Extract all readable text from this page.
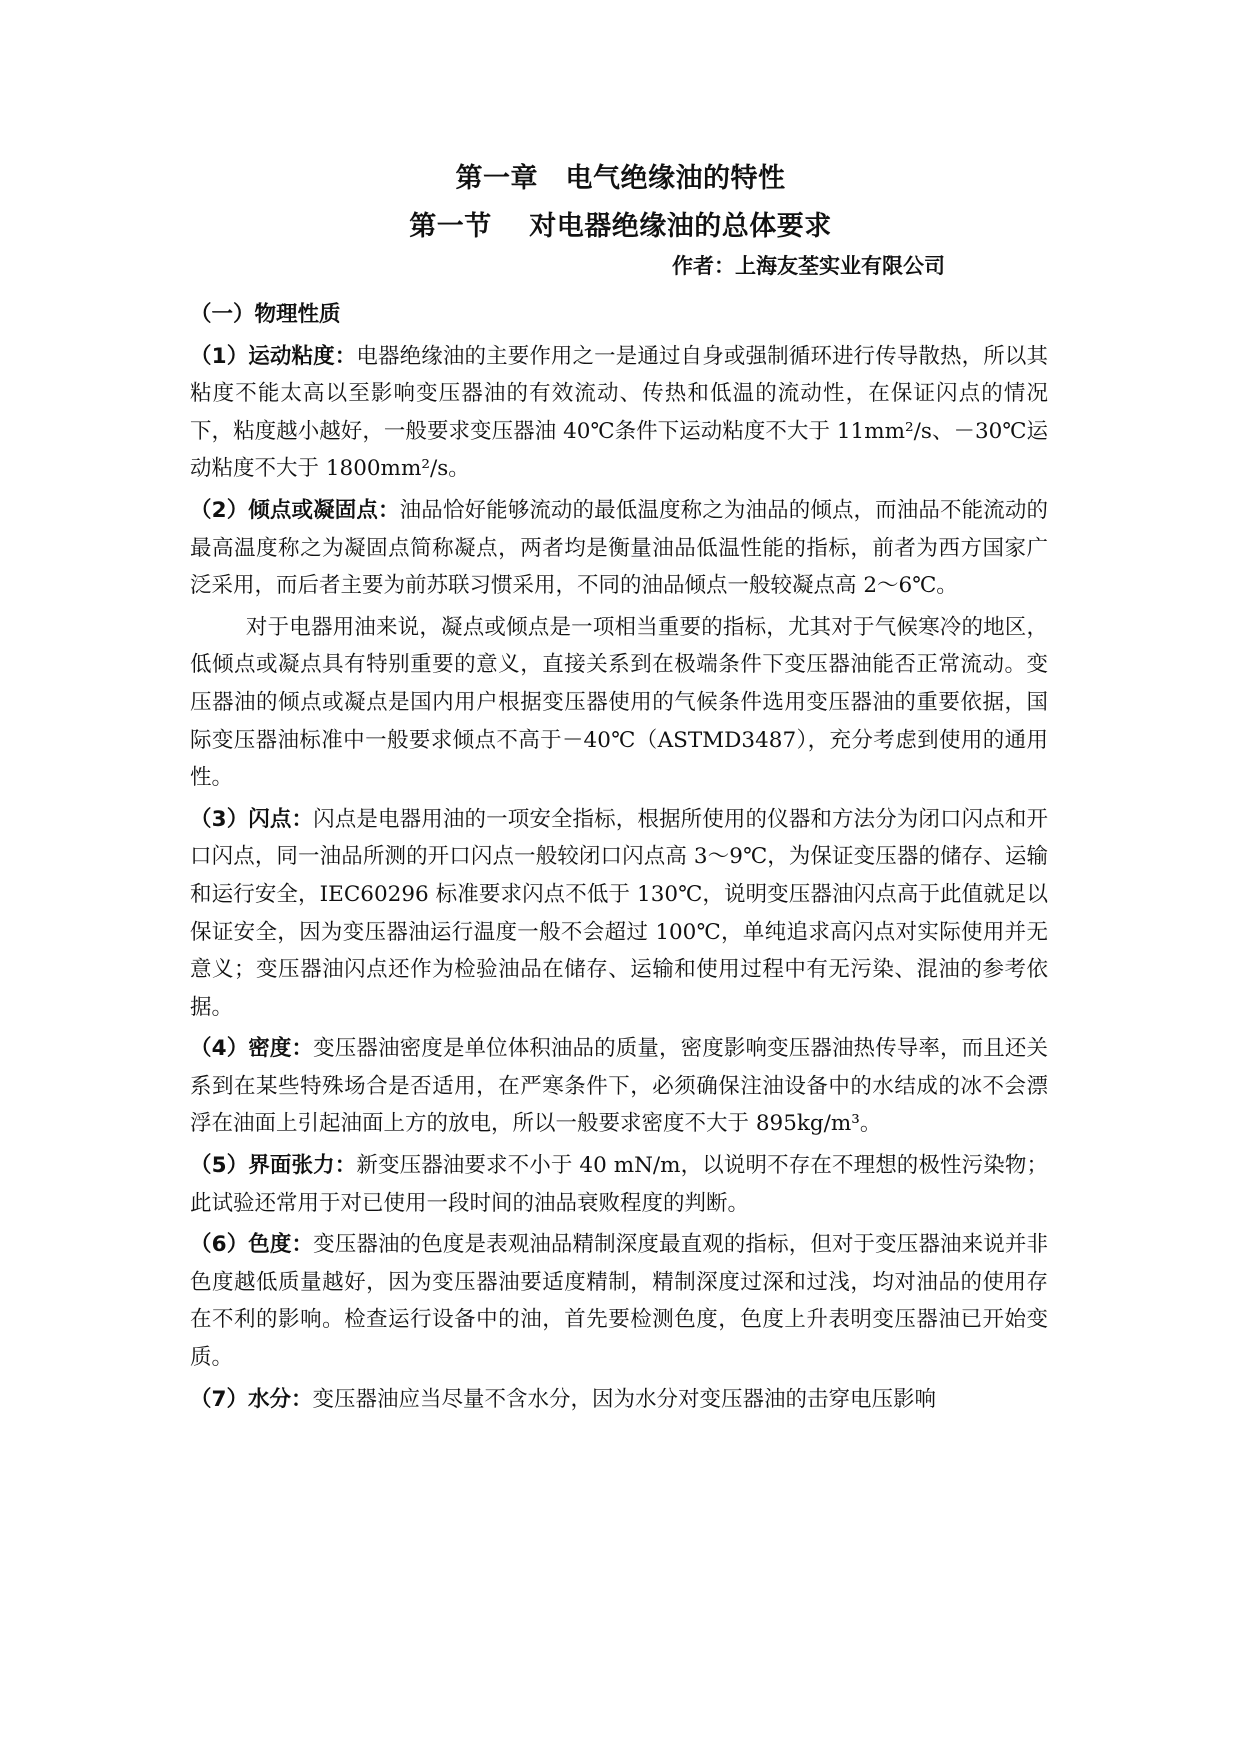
第一章　电气绝缘油的特性
第一节　 对电器绝缘油的总体要求
作者：上海友荃实业有限公司

（一）物理性质

（1）运动粘度：电器绝缘油的主要作用之一是通过自身或强制循环进行传导散热，所以其粘度不能太高以至影响变压器油的有效流动、传热和低温的流动性，在保证闪点的情况下，粘度越小越好，一般要求变压器油 40℃条件下运动粘度不大于 11mm²/s、－30℃运动粘度不大于 1800mm²/s。

（2）倾点或凝固点：油品恰好能够流动的最低温度称之为油品的倾点，而油品不能流动的最高温度称之为凝固点简称凝点，两者均是衡量油品低温性能的指标，前者为西方国家广泛采用，而后者主要为前苏联习惯采用，不同的油品倾点一般较凝点高 2～6℃。

对于电器用油来说，凝点或倾点是一项相当重要的指标，尤其对于气候寒冷的地区，低倾点或凝点具有特别重要的意义，直接关系到在极端条件下变压器油能否正常流动。变压器油的倾点或凝点是国内用户根据变压器使用的气候条件选用变压器油的重要依据，国际变压器油标准中一般要求倾点不高于－40℃（ASTMD3487），充分考虑到使用的通用性。

（3）闪点：闪点是电器用油的一项安全指标，根据所使用的仪器和方法分为闭口闪点和开口闪点，同一油品所测的开口闪点一般较闭口闪点高 3～9℃，为保证变压器的储存、运输和运行安全，IEC60296 标准要求闪点不低于 130℃，说明变压器油闪点高于此值就足以保证安全，因为变压器油运行温度一般不会超过 100℃，单纯追求高闪点对实际使用并无意义；变压器油闪点还作为检验油品在储存、运输和使用过程中有无污染、混油的参考依据。

（4）密度：变压器油密度是单位体积油品的质量，密度影响变压器油热传导率，而且还关系到在某些特殊场合是否适用，在严寒条件下，必须确保注油设备中的水结成的冰不会漂浮在油面上引起油面上方的放电，所以一般要求密度不大于 895kg/m³。

（5）界面张力：新变压器油要求不小于 40 mN/m，以说明不存在不理想的极性污染物；此试验还常用于对已使用一段时间的油品衰败程度的判断。

（6）色度：变压器油的色度是表观油品精制深度最直观的指标，但对于变压器油来说并非色度越低质量越好，因为变压器油要适度精制，精制深度过深和过浅，均对油品的使用存在不利的影响。检查运行设备中的油，首先要检测色度，色度上升表明变压器油已开始变质。

（7）水分：变压器油应当尽量不含水分，因为水分对变压器油的击穿电压影响
